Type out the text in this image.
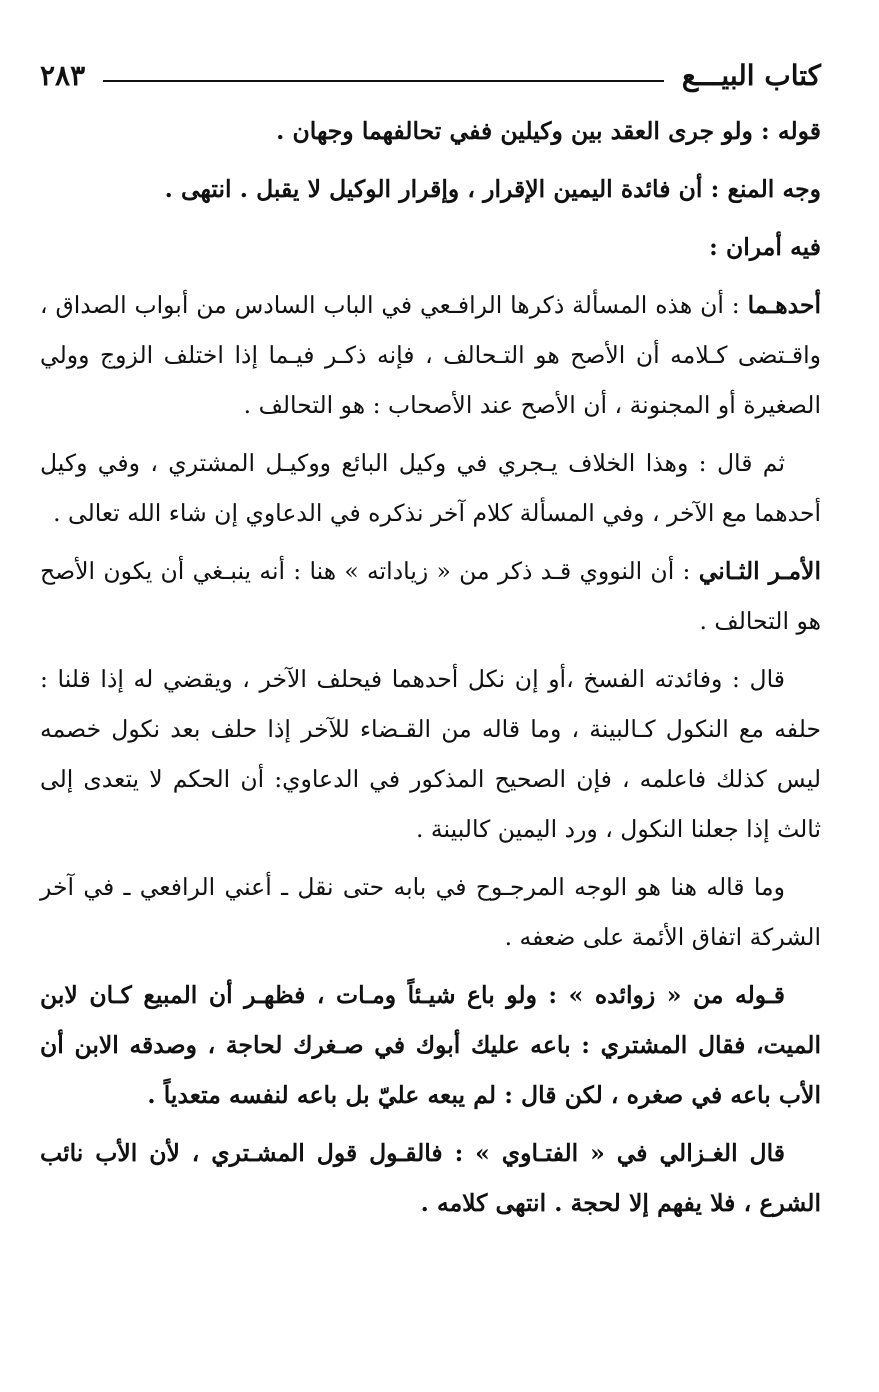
كتاب البيـــع
٢٨٣

قوله : ولو جرى العقد بين وكيلين ففي تحالفهما وجهان .

وجه المنع : أن فائدة اليمين الإقرار ، وإقرار الوكيل لا يقبل . انتهى .

فيه أمران :

أحدهـما : أن هذه المسألة ذكرها الرافـعي في الباب السادس من أبواب الصداق ، واقـتضى كـلامه أن الأصح هو التـحالف ، فإنه ذكـر فيـما إذا اختلف الزوج وولي الصغيرة أو المجنونة ، أن الأصح عند الأصحاب : هو التحالف .

ثم قال : وهذا الخلاف يـجري في وكيل البائع ووكيـل المشتري ، وفي وكيل أحدهما مع الآخر ، وفي المسألة كلام آخر نذكره في الدعاوي إن شاء الله تعالى .

الأمـر الثـاني : أن النووي قـد ذكر من « زياداته » هنا : أنه ينبـغي أن يكون الأصح هو التحالف .

قال : وفائدته الفسخ ،أو إن نكل أحدهما فيحلف الآخر ، ويقضي له إذا قلنا : حلفه مع النكول كـالبينة ، وما قاله من القـضاء للآخر إذا حلف بعد نكول خصمه ليس كذلك فاعلمه ، فإن الصحيح المذكور في الدعاوي: أن الحكم لا يتعدى إلى ثالث إذا جعلنا النكول ، ورد اليمين كالبينة .

وما قاله هنا هو الوجه المرجـوح في بابه حتى نقل ـ أعني الرافعي ـ في آخر الشركة اتفاق الأئمة على ضعفه .

قـوله من « زوائده » : ولو باع شيـئاً ومـات ، فظهـر أن المبيع كـان لابن الميت، فقال المشتري : باعه عليك أبوك في صـغرك لحاجة ، وصدقه الابن أن الأب باعه في صغره ، لكن قال : لم يبعه عليّ بل باعه لنفسه متعدياً .

قال الغـزالي في « الفتـاوي » : فالقـول قول المشـتري ، لأن الأب نائب الشرع ، فلا يفهم إلا لحجة . انتهى كلامه .
